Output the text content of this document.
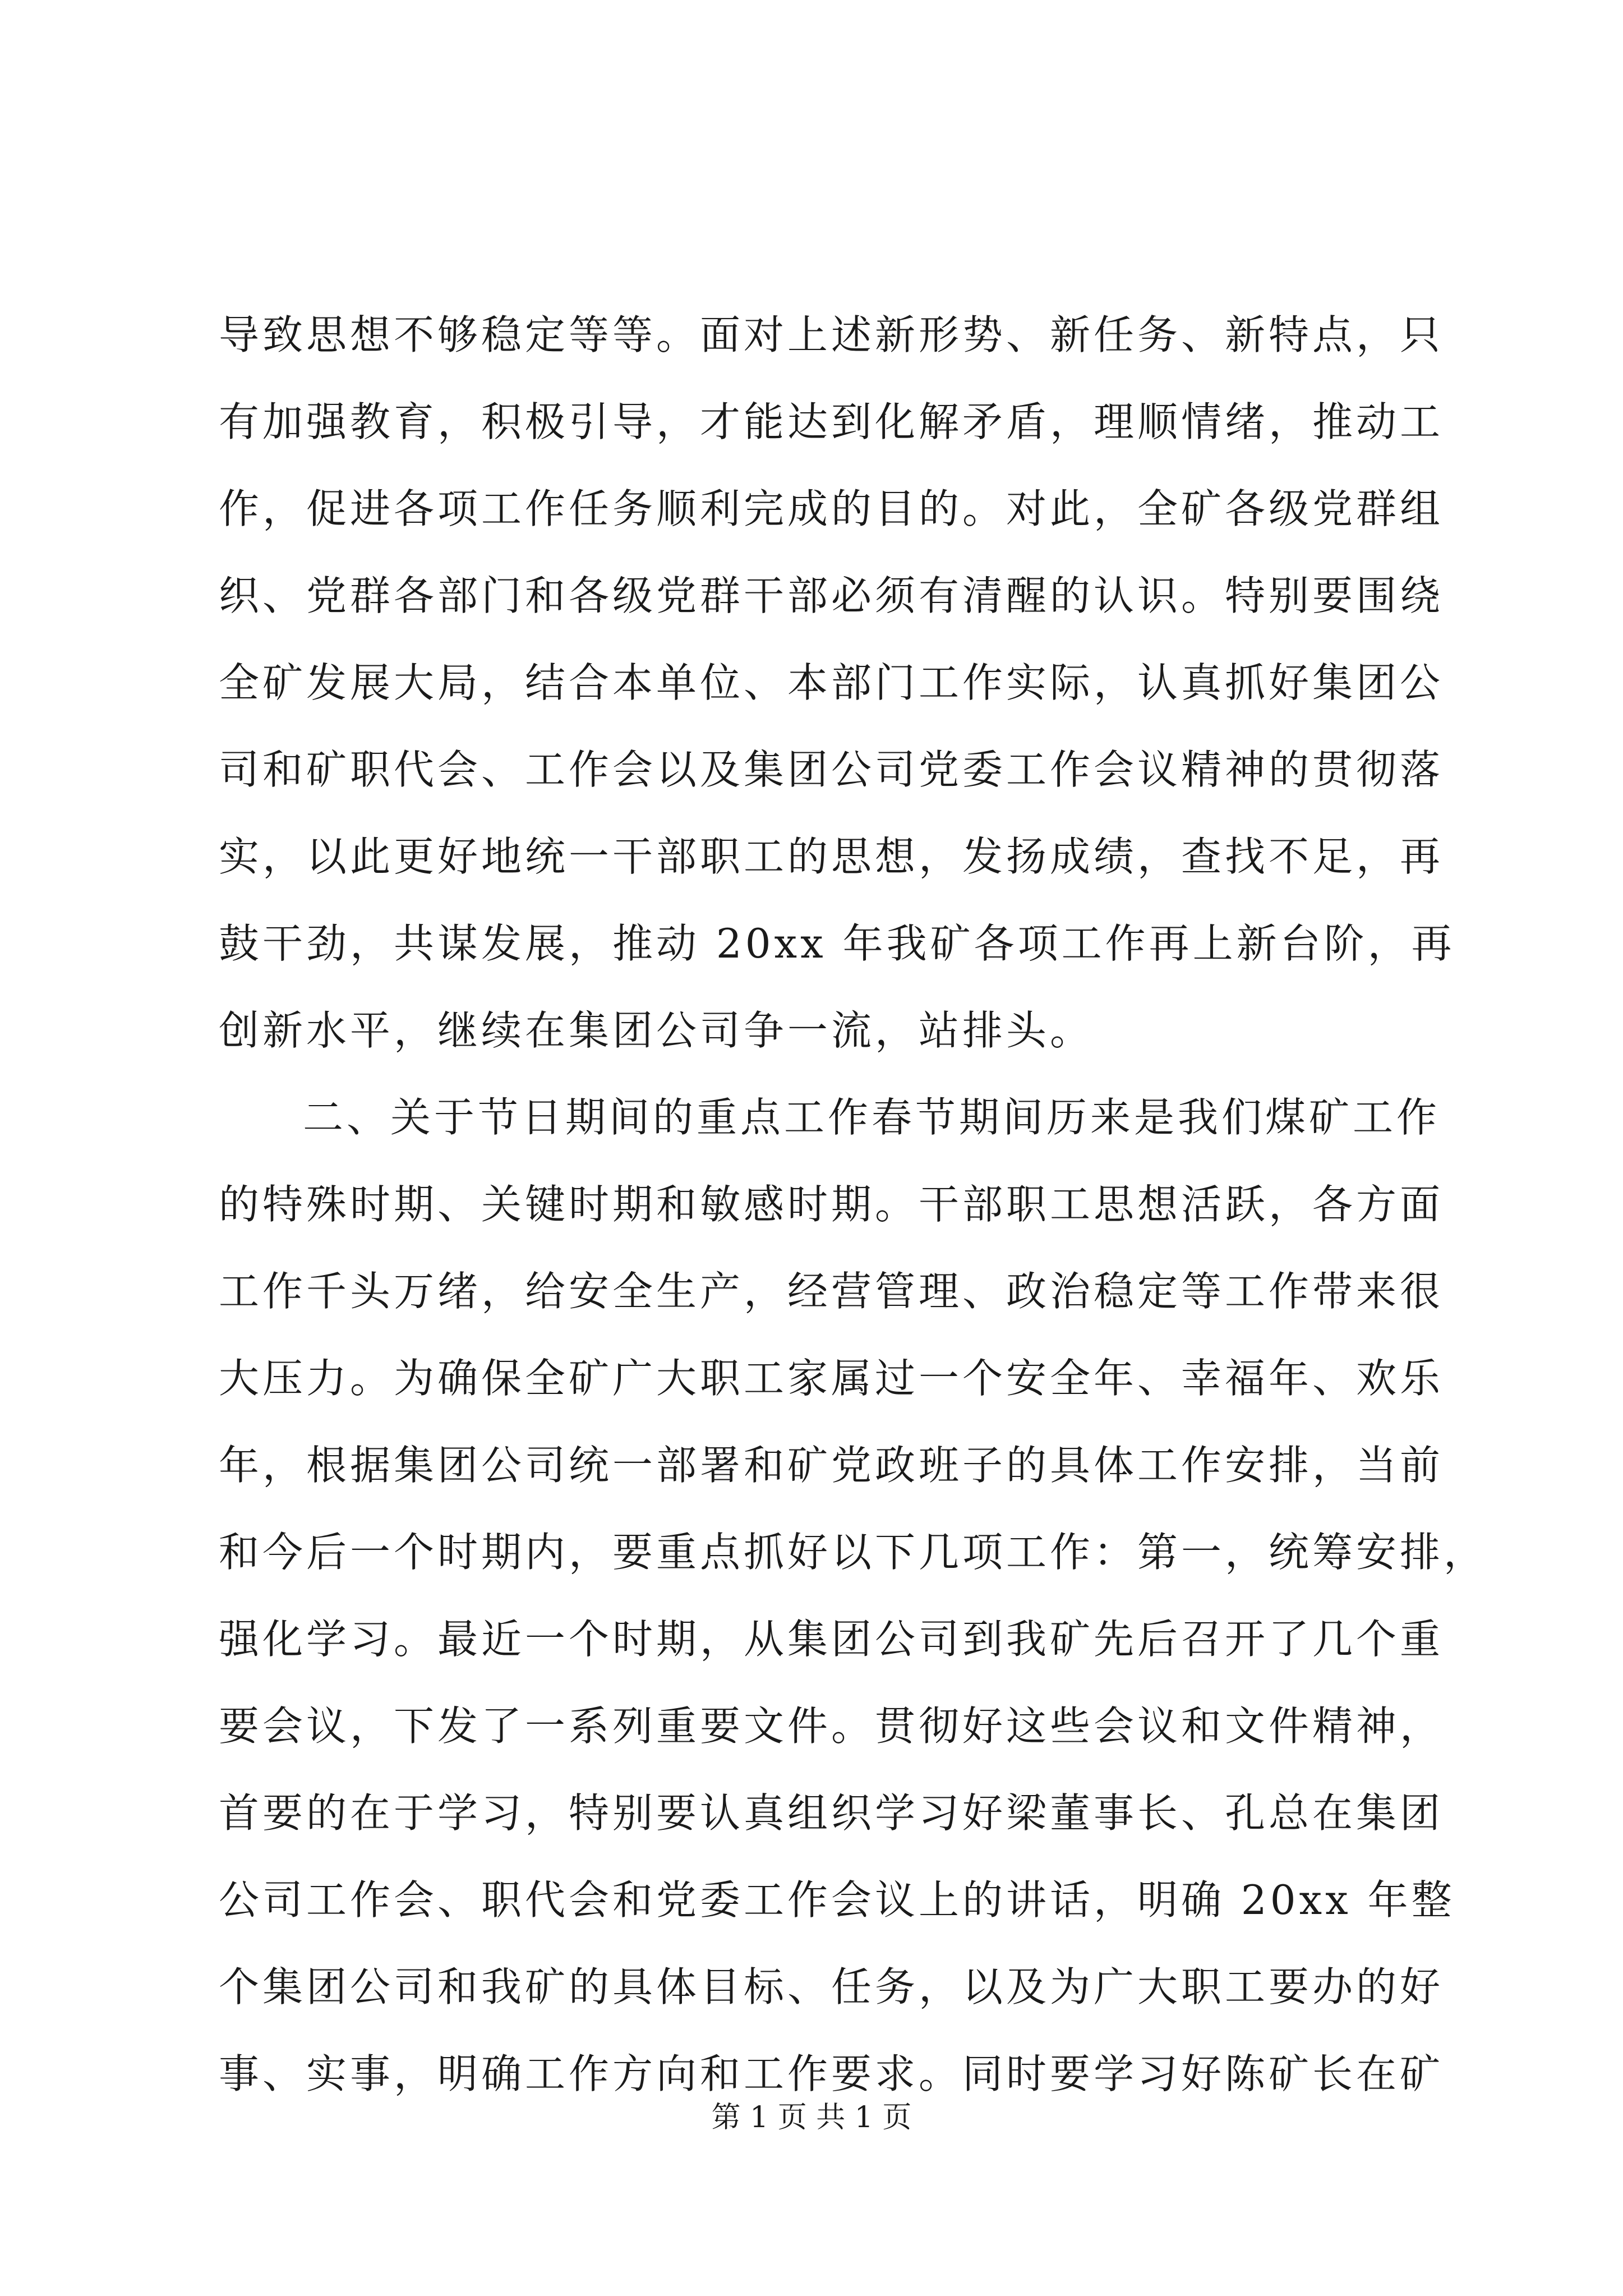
导致思想不够稳定等等。面对上述新形势、新任务、新特点，只
有加强教育，积极引导，才能达到化解矛盾，理顺情绪，推动工
作，促进各项工作任务顺利完成的目的。对此，全矿各级党群组
织、党群各部门和各级党群干部必须有清醒的认识。特别要围绕
全矿发展大局，结合本单位、本部门工作实际，认真抓好集团公
司和矿职代会、工作会以及集团公司党委工作会议精神的贯彻落
实，以此更好地统一干部职工的思想，发扬成绩，查找不足，再
鼓干劲，共谋发展，推动 20xx 年我矿各项工作再上新台阶，再
创新水平，继续在集团公司争一流，站排头。
二、关于节日期间的重点工作春节期间历来是我们煤矿工作
的特殊时期、关键时期和敏感时期。干部职工思想活跃，各方面
工作千头万绪，给安全生产，经营管理、政治稳定等工作带来很
大压力。为确保全矿广大职工家属过一个安全年、幸福年、欢乐
年，根据集团公司统一部署和矿党政班子的具体工作安排，当前
和今后一个时期内，要重点抓好以下几项工作：第一，统筹安排，
强化学习。最近一个时期，从集团公司到我矿先后召开了几个重
要会议，下发了一系列重要文件。贯彻好这些会议和文件精神，
首要的在于学习，特别要认真组织学习好梁董事长、孔总在集团
公司工作会、职代会和党委工作会议上的讲话，明确 20xx 年整
个集团公司和我矿的具体目标、任务，以及为广大职工要办的好
事、实事，明确工作方向和工作要求。同时要学习好陈矿长在矿
第 1 页 共 1 页
